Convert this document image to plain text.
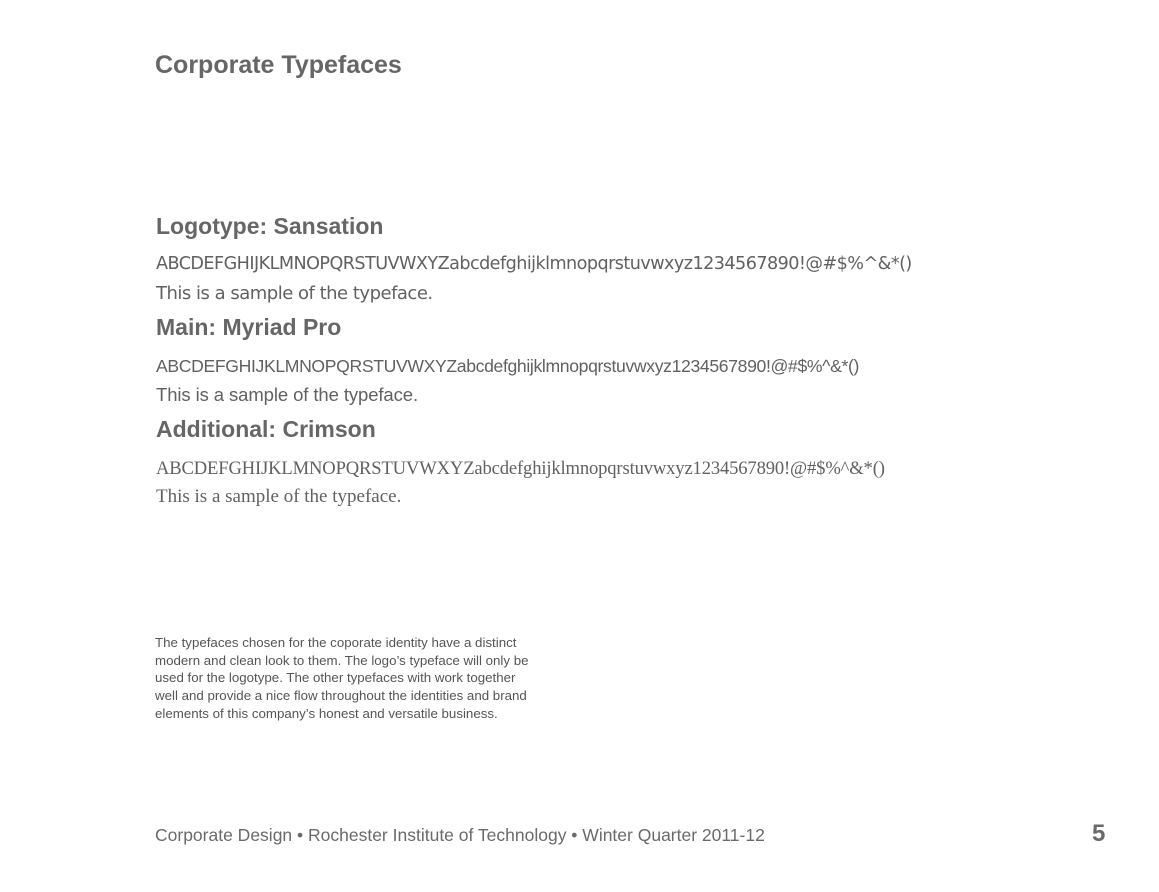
Corporate Typefaces
Logotype: Sansation
ABCDEFGHIJKLMNOPQRSTUVWXYZabcdefghijklmnopqrstuvwxyz1234567890!@#$%^&*()
This is a sample of the typeface.
Main: Myriad Pro
ABCDEFGHIJKLMNOPQRSTUVWXYZabcdefghijklmnopqrstuvwxyz1234567890!@#$%^&*()
This is a sample of the typeface.
Additional: Crimson
ABCDEFGHIJKLMNOPQRSTUVWXYZabcdefghijklmnopqrstuvwxyz1234567890!@#$%^&*()
This is a sample of the typeface.
The typefaces chosen for the coporate identity have a distinct
modern and clean look to them. The logo’s typeface will only be
used for the logotype. The other typefaces with work together
well and provide a nice flow throughout the identities and brand
elements of this company’s honest and versatile business.
Corporate Design • Rochester Institute of Technology • Winter Quarter 2011-12	5
